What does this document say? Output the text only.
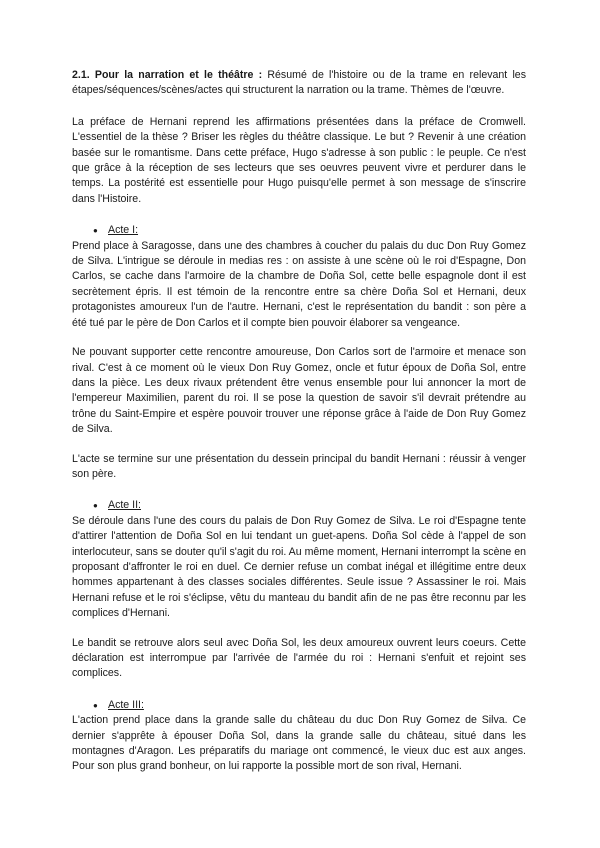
2.1. Pour la narration et le théâtre : Résumé de l'histoire ou de la trame en relevant les étapes/séquences/scènes/actes qui structurent la narration ou la trame. Thèmes de l'œuvre.

La préface de Hernani reprend les affirmations présentées dans la préface de Cromwell. L'essentiel de la thèse ? Briser les règles du théâtre classique. Le but ? Revenir à une création basée sur le romantisme. Dans cette préface, Hugo s'adresse à son public : le peuple. Ce n'est que grâce à la réception de ses lecteurs que ses oeuvres peuvent vivre et perdurer dans le temps. La postérité est essentielle pour Hugo puisqu'elle permet à son message de s'inscrire dans l'Histoire.

● Acte I:

Prend place à Saragosse, dans une des chambres à coucher du palais du duc Don Ruy Gomez de Silva. L'intrigue se déroule in medias res : on assiste à une scène où le roi d'Espagne, Don Carlos, se cache dans l'armoire de la chambre de Doña Sol, cette belle espagnole dont il est secrètement épris. Il est témoin de la rencontre entre sa chère Doña Sol et Hernani, deux protagonistes amoureux l'un de l'autre. Hernani, c'est le représentation du bandit : son père a été tué par le père de Don Carlos et il compte bien pouvoir élaborer sa vengeance.

Ne pouvant supporter cette rencontre amoureuse, Don Carlos sort de l'armoire et menace son rival. C'est à ce moment où le vieux Don Ruy Gomez, oncle et futur époux de Doña Sol, entre dans la pièce. Les deux rivaux prétendent être venus ensemble pour lui annoncer la mort de l'empereur Maximilien, parent du roi. Il se pose la question de savoir s'il devrait prétendre au trône du Saint-Empire et espère pouvoir trouver une réponse grâce à l'aide de Don Ruy Gomez de Silva.

L'acte se termine sur une présentation du dessein principal du bandit Hernani : réussir à venger son père.

● Acte II:

Se déroule dans l'une des cours du palais de Don Ruy Gomez de Silva. Le roi d'Espagne tente d'attirer l'attention de Doña Sol en lui tendant un guet-apens. Doña Sol cède à l'appel de son interlocuteur, sans se douter qu'il s'agit du roi. Au même moment, Hernani interrompt la scène en proposant d'affronter le roi en duel. Ce dernier refuse un combat inégal et illégitime entre deux hommes appartenant à des classes sociales différentes. Seule issue ? Assassiner le roi. Mais Hernani refuse et le roi s'éclipse, vêtu du manteau du bandit afin de ne pas être reconnu par les complices d'Hernani.

Le bandit se retrouve alors seul avec Doña Sol, les deux amoureux ouvrent leurs coeurs. Cette déclaration est interrompue par l'arrivée de l'armée du roi : Hernani s'enfuit et rejoint ses complices.

● Acte III:

L'action prend place dans la grande salle du château du duc Don Ruy Gomez de Silva. Ce dernier s'apprête à épouser Doña Sol, dans la grande salle du château, situé dans les montagnes d'Aragon. Les préparatifs du mariage ont commencé, le vieux duc est aux anges. Pour son plus grand bonheur, on lui rapporte la possible mort de son rival, Hernani.
